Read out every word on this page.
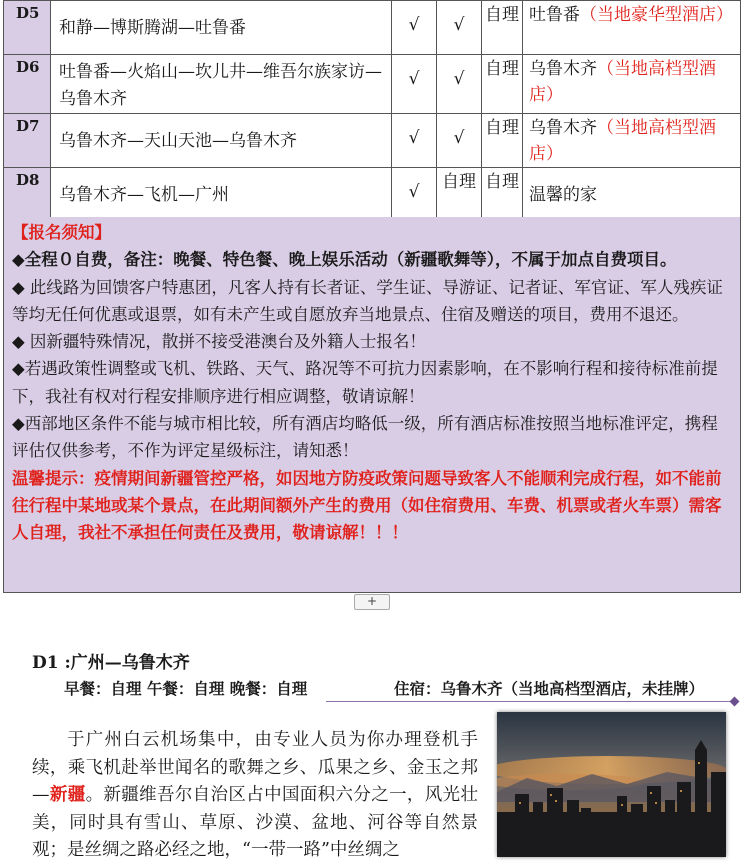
D5	和静—博斯腾湖—吐鲁番	√	√	自理	吐鲁番（当地豪华型酒店）
D6	吐鲁番—火焰山—坎儿井—维吾尔族家访—乌鲁木齐	√	√	自理	乌鲁木齐（当地高档型酒店）
D7	乌鲁木齐—天山天池—乌鲁木齐	√	√	自理	乌鲁木齐（当地高档型酒店）
D8	乌鲁木齐—飞机—广州	√	自理	自理	温馨的家

【报名须知】

◆全程０自费，备注：晚餐、特色餐、晚上娱乐活动（新疆歌舞等），不属于加点自费项目。

◆ 此线路为回馈客户特惠团，凡客人持有长者证、学生证、导游证、记者证、军官证、军人残疾证等均无任何优惠或退票，如有未产生或自愿放弃当地景点、住宿及赠送的项目，费用不退还。

◆ 因新疆特殊情况，散拼不接受港澳台及外籍人士报名！

◆若遇政策性调整或飞机、铁路、天气、路况等不可抗力因素影响，在不影响行程和接待标准前提下，我社有权对行程安排顺序进行相应调整，敬请谅解！

◆西部地区条件不能与城市相比较，所有酒店均略低一级，所有酒店标准按照当地标准评定，携程评估仅供参考，不作为评定星级标注，请知悉！

温馨提示：疫情期间新疆管控严格，如因地方防疫政策问题导致客人不能顺利完成行程，如不能前往行程中某地或某个景点，在此期间额外产生的费用（如住宿费用、车费、机票或者火车票）需客人自理，我社不承担任何责任及费用，敬请谅解！！！

+
D1 :广州—乌鲁木齐
早餐：自理 午餐：自理 晚餐：自理	住宿：乌鲁木齐（当地高档型酒店，未挂牌）
于广州白云机场集中，由专业人员为你办理登机手续，乘飞机赴举世闻名的歌舞之乡、瓜果之乡、金玉之邦—新疆。新疆维吾尔自治区占中国面积六分之一，风光壮美，同时具有雪山、草原、沙漠、盆地、河谷等自然景观；是丝绸之路必经之地，“一带一路”中丝绸之
